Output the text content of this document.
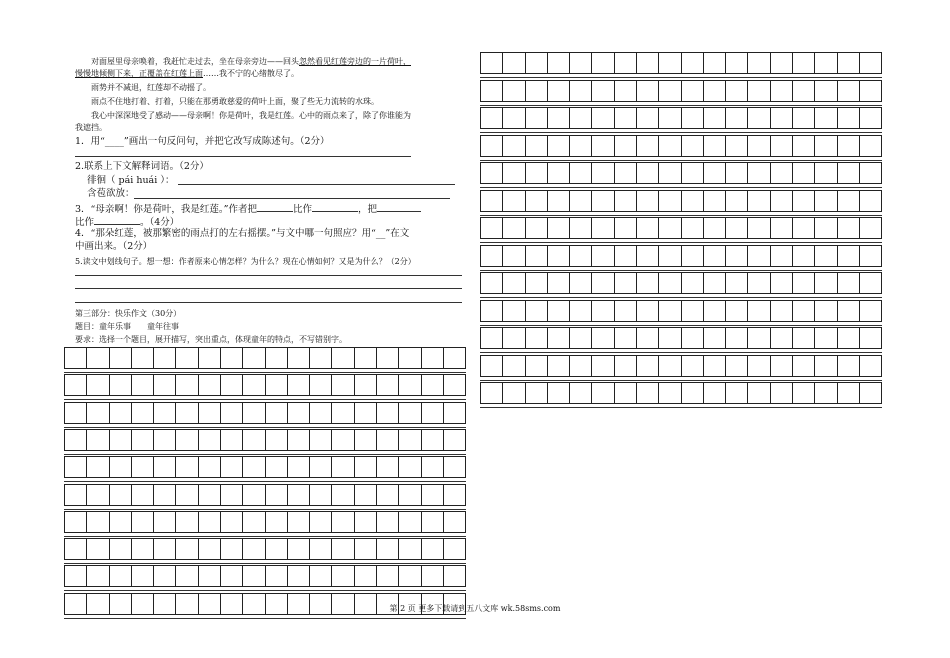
对面屋里母亲唤着，我赶忙走过去，坐在母亲旁边——回头忽然看见红莲旁边的一片荷叶，
慢慢地倾侧下来，正覆盖在红莲上面……我不宁的心绪散尽了。
雨势并不减退，红莲却不动摇了。
雨点不住地打着、打着，只能在那勇敢慈爱的荷叶上面，聚了些无力流转的水珠。
我心中深深地受了感动——母亲啊！你是荷叶，我是红莲。心中的雨点来了，除了你谁能为
我遮挡。
1．用“____”画出一句反问句，并把它改写成陈述句。（2分）
2.联系上下文解释词语。（2分）
徘徊（ pái huái ）：
含苞欲放：
3．“母亲啊！你是荷叶，我是红莲。”作者把	比作	，把
比作	。（4分）
4．“那朵红莲，被那繁密的雨点打的左右摇摆。”与文中哪一句照应？用“__”在文
中画出来。（2分）
5.读文中划线句子。想一想：作者原来心情怎样？为什么？现在心情如何？又是为什么？（2分）
第三部分：快乐作文（30分）
题目：童年乐事　　童年往事
要求：选择一个题目，展开描写，突出重点，体现童年的特点，不写错别字。
第 2 页 更多下载请到五八文库 wk.58sms.com
